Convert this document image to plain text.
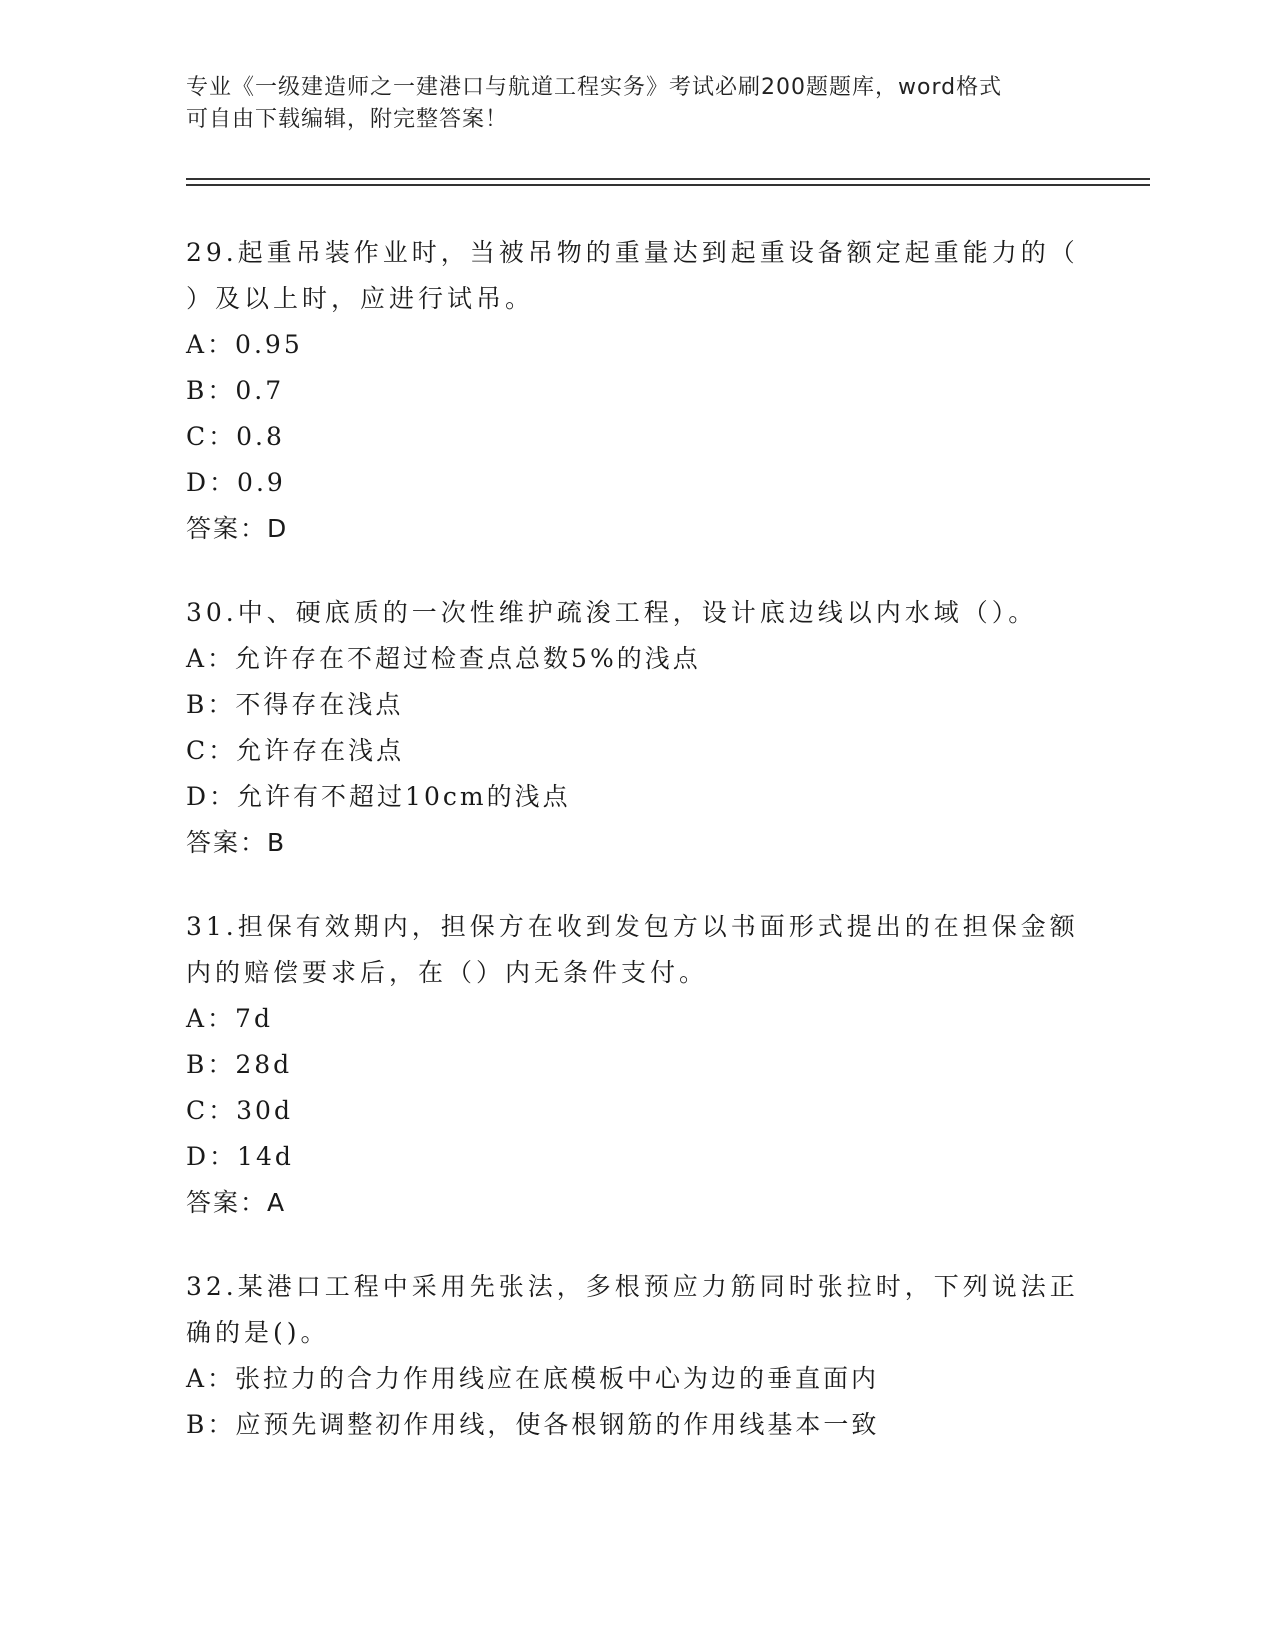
专业《一级建造师之一建港口与航道工程实务》考试必刷200题题库，word格式
可自由下载编辑，附完整答案！
29.起重吊装作业时，当被吊物的重量达到起重设备额定起重能力的（
）及以上时，应进行试吊。
A：0.95
B：0.7
C：0.8
D：0.9
答案：D
30.中、硬底质的一次性维护疏浚工程，设计底边线以内水域（）。
A：允许存在不超过检查点总数5%的浅点
B：不得存在浅点
C：允许存在浅点
D：允许有不超过10cm的浅点
答案：B
31.担保有效期内，担保方在收到发包方以书面形式提出的在担保金额
内的赔偿要求后，在（）内无条件支付。
A：7d
B：28d
C：30d
D：14d
答案：A
32.某港口工程中采用先张法，多根预应力筋同时张拉时，下列说法正
确的是()。
A：张拉力的合力作用线应在底模板中心为边的垂直面内
B：应预先调整初作用线，使各根钢筋的作用线基本一致
